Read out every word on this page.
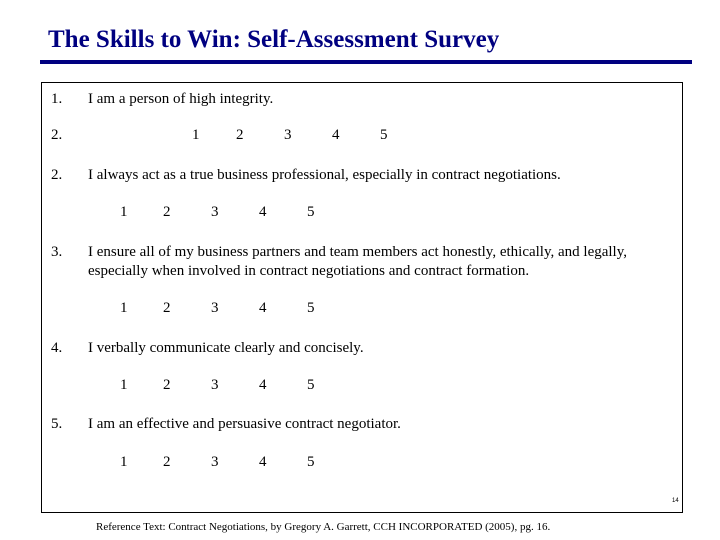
The Skills to Win: Self-Assessment Survey
1. I am a person of high integrity.
2.	1 2	3	4	5
2. I always act as a true business professional, especially in contract negotiations.
1 2	3	4	5
3. I ensure all of my business partners and team members act honestly, ethically, and legally, especially when involved in contract negotiations and contract formation.
1 2	3	4	5
4. I verbally communicate clearly and concisely.
1 2	3	4	5
5. I am an effective and persuasive contract negotiator.
1 2	3	4	5
14
Reference Text: Contract Negotiations, by Gregory A. Garrett, CCH INCORPORATED (2005), pg. 16.
